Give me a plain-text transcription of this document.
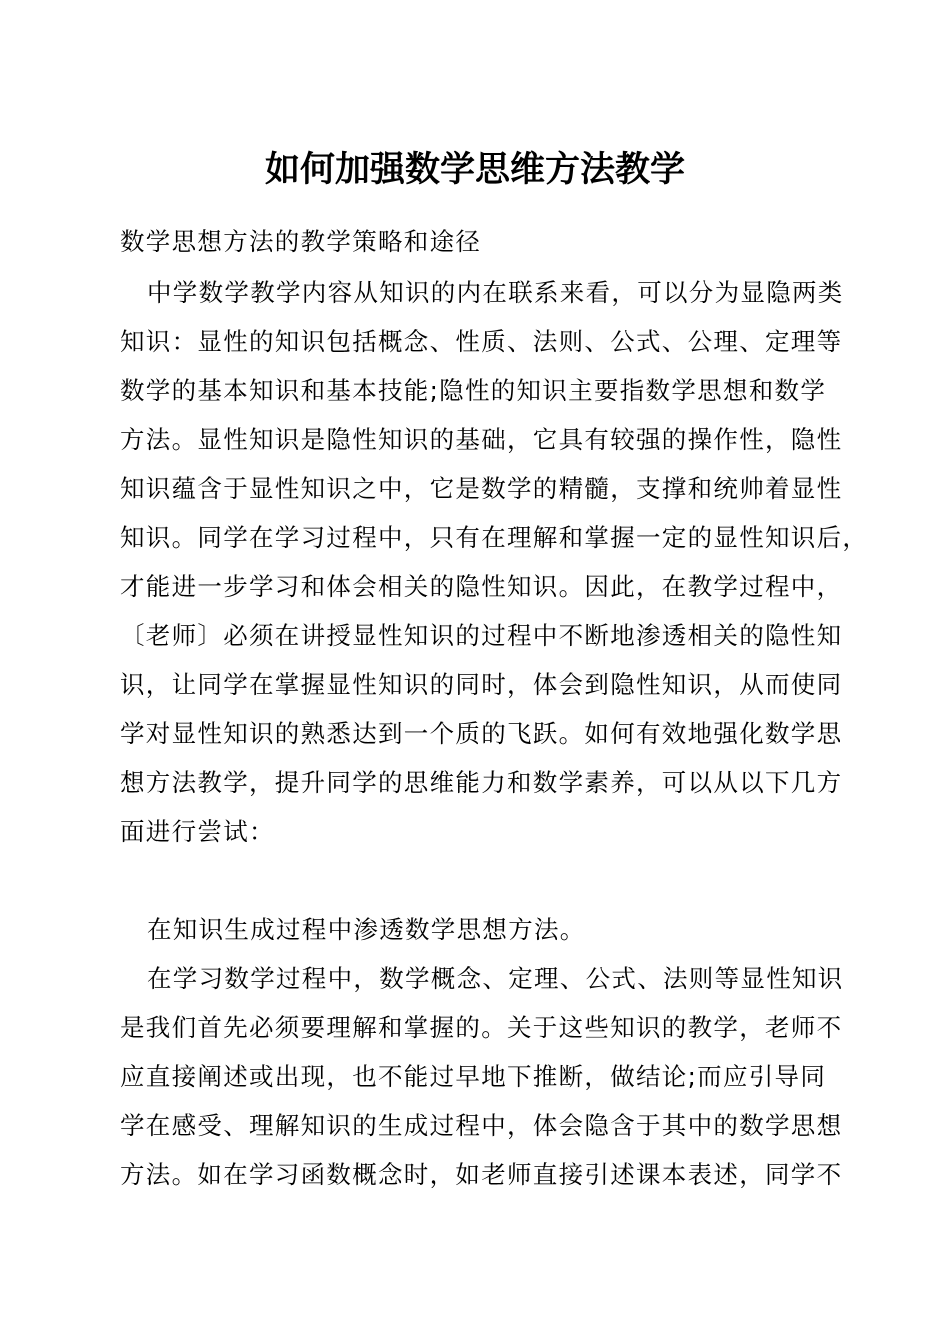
如何加强数学思维方法教学
数学思想方法的教学策略和途径
中学数学教学内容从知识的内在联系来看，可以分为显隐两类
知识：显性的知识包括概念、性质、法则、公式、公理、定理等
数学的基本知识和基本技能;隐性的知识主要指数学思想和数学
方法。显性知识是隐性知识的基础，它具有较强的操作性，隐性
知识蕴含于显性知识之中，它是数学的精髓，支撑和统帅着显性
知识。同学在学习过程中，只有在理解和掌握一定的显性知识后，
才能进一步学习和体会相关的隐性知识。因此，在教学过程中，
〔老师〕必须在讲授显性知识的过程中不断地渗透相关的隐性知
识，让同学在掌握显性知识的同时，体会到隐性知识，从而使同
学对显性知识的熟悉达到一个质的飞跃。如何有效地强化数学思
想方法教学，提升同学的思维能力和数学素养，可以从以下几方
面进行尝试：
在知识生成过程中渗透数学思想方法。
在学习数学过程中，数学概念、定理、公式、法则等显性知识
是我们首先必须要理解和掌握的。关于这些知识的教学，老师不
应直接阐述或出现，也不能过早地下推断，做结论;而应引导同
学在感受、理解知识的生成过程中，体会隐含于其中的数学思想
方法。如在学习函数概念时，如老师直接引述课本表述，同学不
